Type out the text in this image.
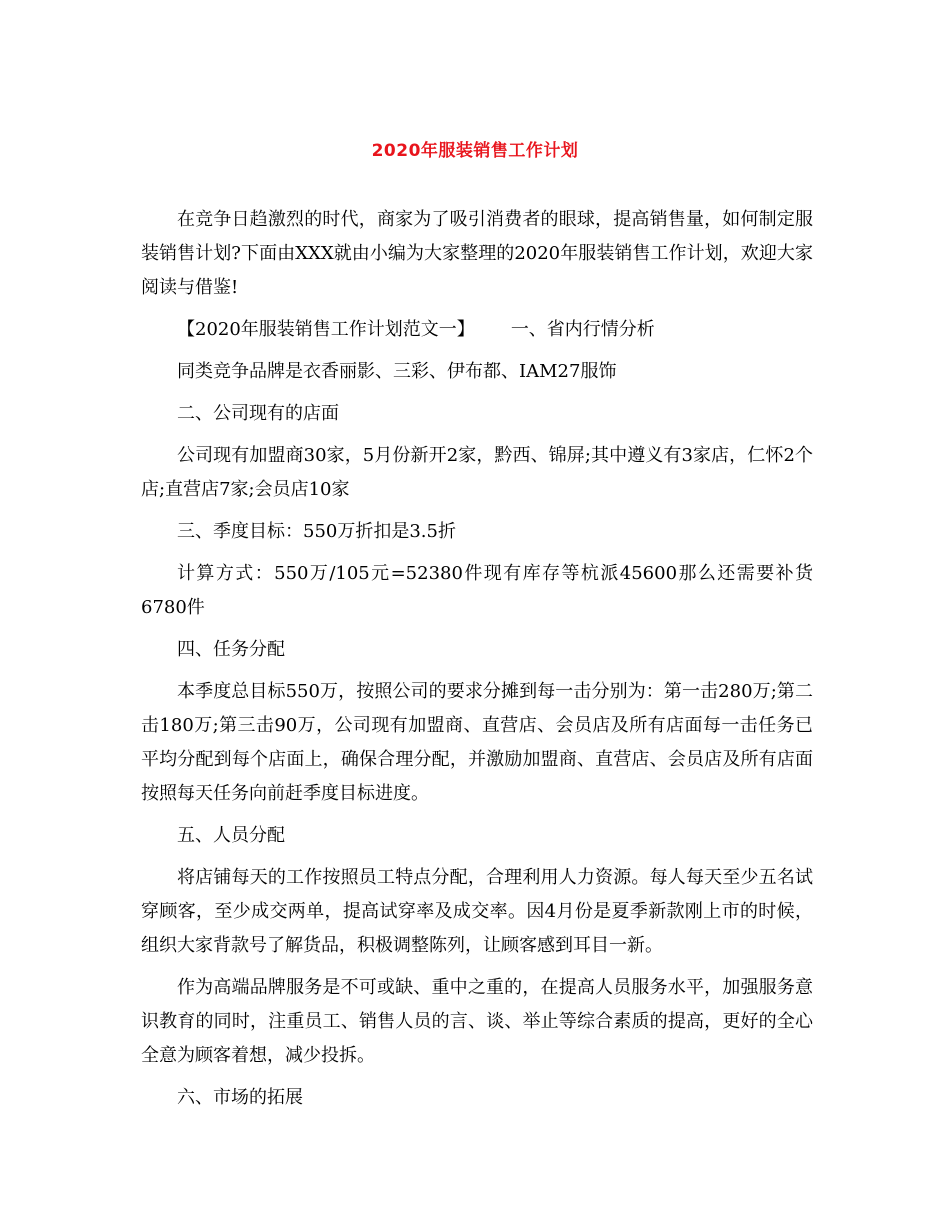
2020年服装销售工作计划

在竞争日趋激烈的时代，商家为了吸引消费者的眼球，提高销售量，如何制定服装销售计划?下面由XXX就由小编为大家整理的2020年服装销售工作计划，欢迎大家阅读与借鉴!

【2020年服装销售工作计划范文一】 一、省内行情分析

同类竞争品牌是衣香丽影、三彩、伊布都、IAM27服饰

二、公司现有的店面

公司现有加盟商30家，5月份新开2家，黔西、锦屏;其中遵义有3家店，仁怀2个店;直营店7家;会员店10家

三、季度目标：550万折扣是3.5折

计算方式：550万/105元=52380件现有库存等杭派45600那么还需要补货6780件

四、任务分配

本季度总目标550万，按照公司的要求分摊到每一击分别为：第一击280万;第二击180万;第三击90万，公司现有加盟商、直营店、会员店及所有店面每一击任务已平均分配到每个店面上，确保合理分配，并激励加盟商、直营店、会员店及所有店面按照每天任务向前赶季度目标进度。

五、人员分配

将店铺每天的工作按照员工特点分配，合理利用人力资源。每人每天至少五名试穿顾客，至少成交两单，提高试穿率及成交率。因4月份是夏季新款刚上市的时候，组织大家背款号了解货品，积极调整陈列，让顾客感到耳目一新。

作为高端品牌服务是不可或缺、重中之重的，在提高人员服务水平，加强服务意识教育的同时，注重员工、销售人员的言、谈、举止等综合素质的提高，更好的全心全意为顾客着想，减少投拆。

六、市场的拓展
